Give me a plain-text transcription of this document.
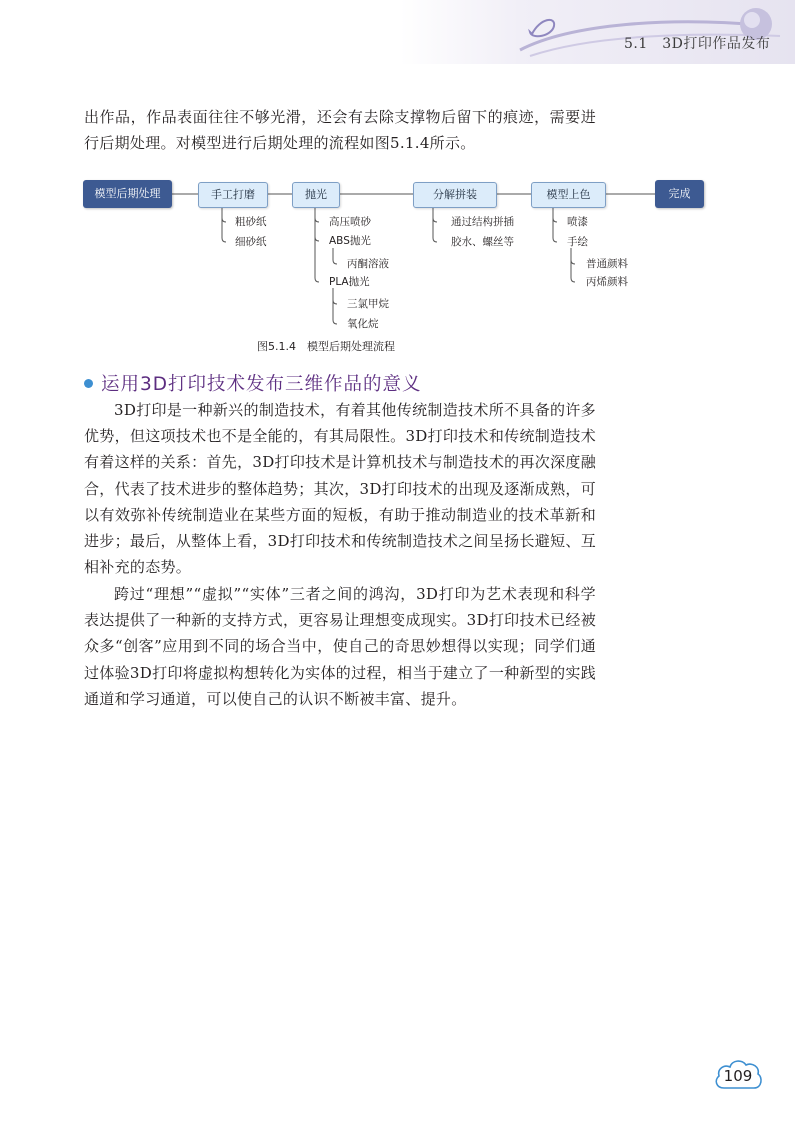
5.1　3D打印作品发布
出作品，作品表面往往不够光滑，还会有去除支撑物后留下的痕迹，需要进行后期处理。对模型进行后期处理的流程如图5.1.4所示。
模型后期处理	手工打磨	抛光	分解拼装	模型上色	完成
粗砂纸
细砂纸
高压喷砂
ABS抛光
丙酮溶液
PLA抛光
三氯甲烷
氧化烷
通过结构拼插
胶水、螺丝等
喷漆
手绘
普通颜料
丙烯颜料
图5.1.4　模型后期处理流程
运用3D打印技术发布三维作品的意义
3D打印是一种新兴的制造技术，有着其他传统制造技术所不具备的许多优势，但这项技术也不是全能的，有其局限性。3D打印技术和传统制造技术有着这样的关系：首先，3D打印技术是计算机技术与制造技术的再次深度融合，代表了技术进步的整体趋势；其次，3D打印技术的出现及逐渐成熟，可以有效弥补传统制造业在某些方面的短板，有助于推动制造业的技术革新和进步；最后，从整体上看，3D打印技术和传统制造技术之间呈扬长避短、互相补充的态势。
跨过“理想”“虚拟”“实体”三者之间的鸿沟，3D打印为艺术表现和科学表达提供了一种新的支持方式，更容易让理想变成现实。3D打印技术已经被众多“创客”应用到不同的场合当中，使自己的奇思妙想得以实现；同学们通过体验3D打印将虚拟构想转化为实体的过程，相当于建立了一种新型的实践通道和学习通道，可以使自己的认识不断被丰富、提升。
109
